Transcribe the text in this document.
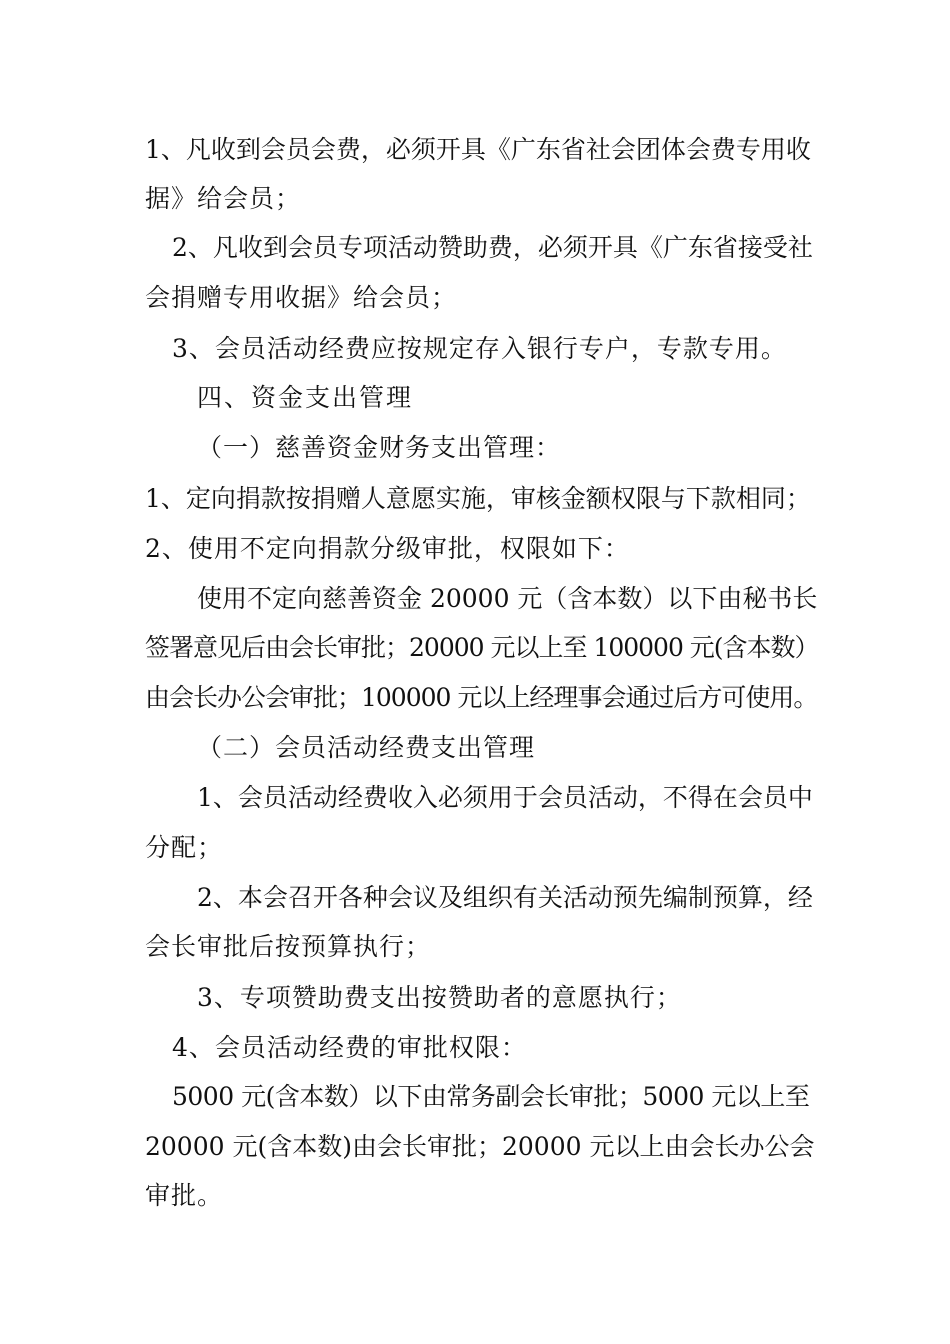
1、凡收到会员会费，必须开具《广东省社会团体会费专用收
据》给会员；
2、凡收到会员专项活动赞助费，必须开具《广东省接受社
会捐赠专用收据》给会员；
3、会员活动经费应按规定存入银行专户，专款专用。
四、资金支出管理
（一）慈善资金财务支出管理：
1、定向捐款按捐赠人意愿实施，审核金额权限与下款相同；
2、使用不定向捐款分级审批，权限如下：
使用不定向慈善资金 20000 元（含本数）以下由秘书长
签署意见后由会长审批；20000 元以上至 100000 元(含本数）
由会长办公会审批；100000 元以上经理事会通过后方可使用。
（二）会员活动经费支出管理
1、会员活动经费收入必须用于会员活动，不得在会员中
分配；
2、本会召开各种会议及组织有关活动预先编制预算，经
会长审批后按预算执行；
3、专项赞助费支出按赞助者的意愿执行；
4、会员活动经费的审批权限：
5000 元(含本数）以下由常务副会长审批；5000 元以上至
20000 元(含本数)由会长审批；20000 元以上由会长办公会
审批。
